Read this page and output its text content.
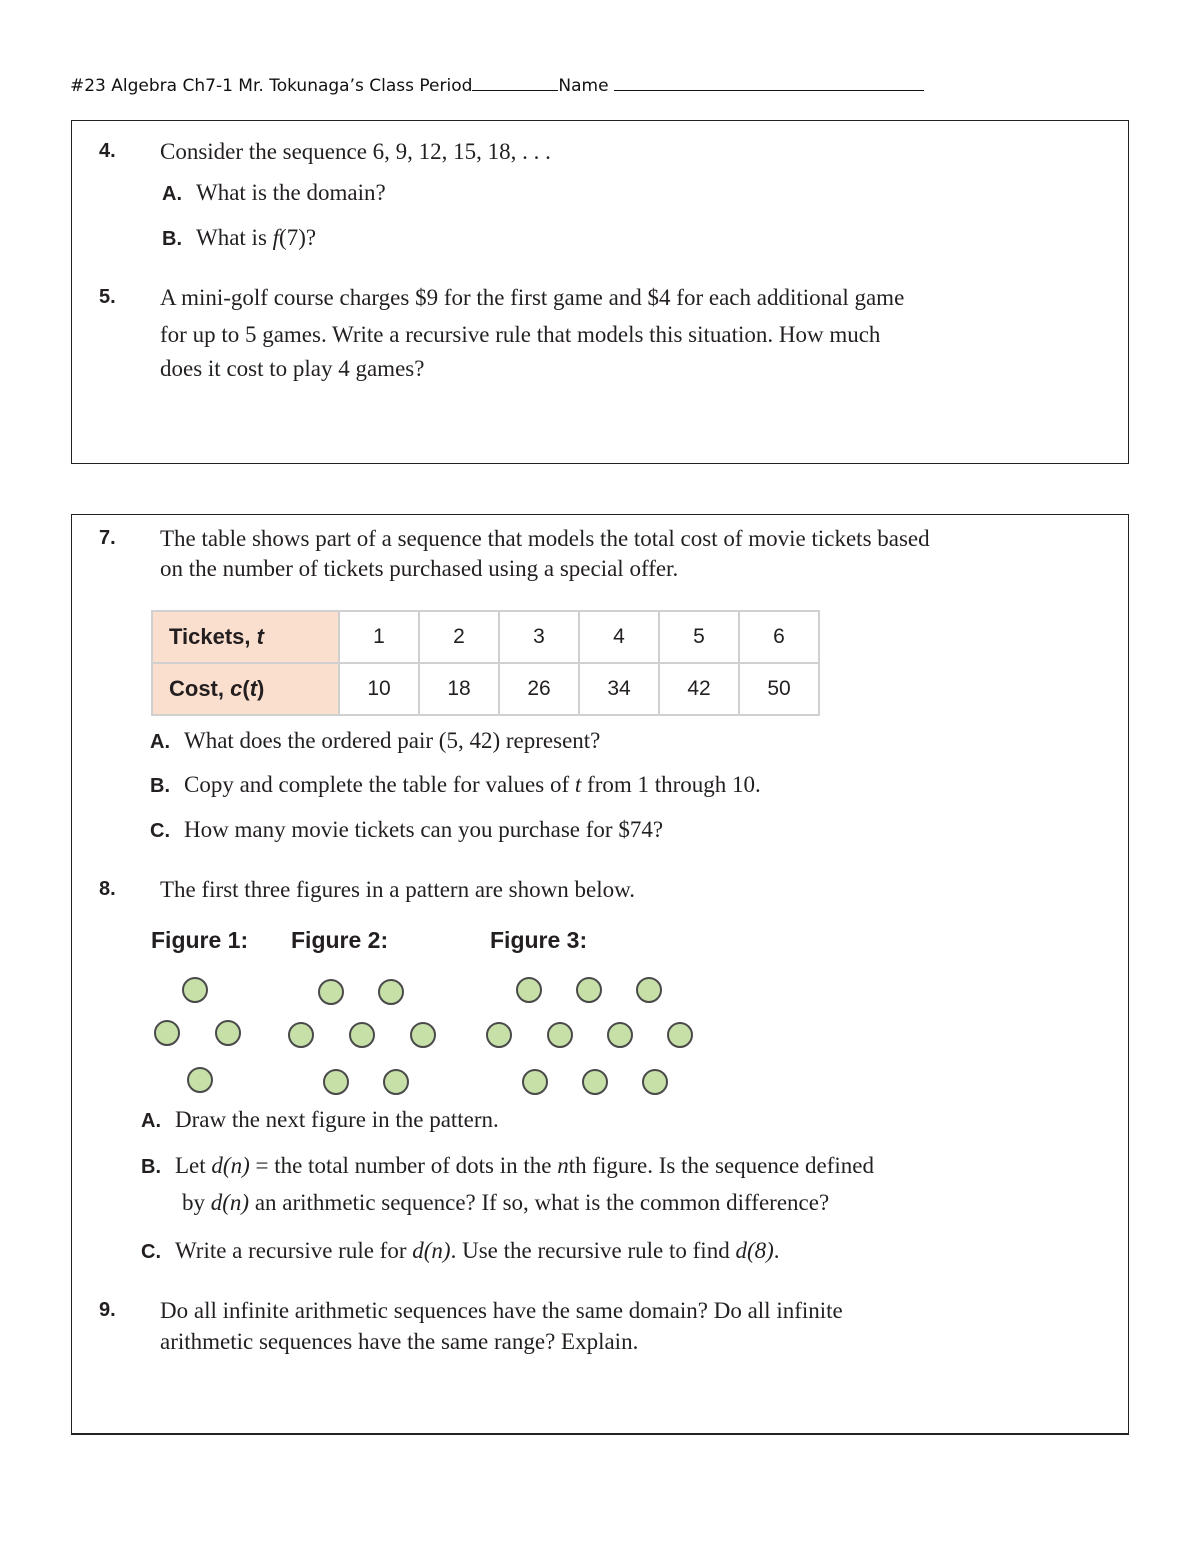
#23 Algebra Ch7-1 Mr. Tokunaga’s Class Period	Name
4. Consider the sequence 6, 9, 12, 15, 18, . . .
A. What is the domain?
B. What is f(7)?
5. A mini-golf course charges $9 for the first game and $4 for each additional game
for up to 5 games. Write a recursive rule that models this situation. How much
does it cost to play 4 games?
7. The table shows part of a sequence that models the total cost of movie tickets based
on the number of tickets purchased using a special offer.
Tickets, t	1	2	3	4	5	6
Cost, c(t)	10	18	26	34	42	50
A. What does the ordered pair (5, 42) represent?
B. Copy and complete the table for values of t from 1 through 10.
C. How many movie tickets can you purchase for $74?
8. The first three figures in a pattern are shown below.
Figure 1: Figure 2:	Figure 3:
A. Draw the next figure in the pattern.
B. Let d(n) = the total number of dots in the nth figure. Is the sequence defined
by d(n) an arithmetic sequence? If so, what is the common difference?
C. Write a recursive rule for d(n). Use the recursive rule to find d(8).
9. Do all infinite arithmetic sequences have the same domain? Do all infinite
arithmetic sequences have the same range? Explain.
